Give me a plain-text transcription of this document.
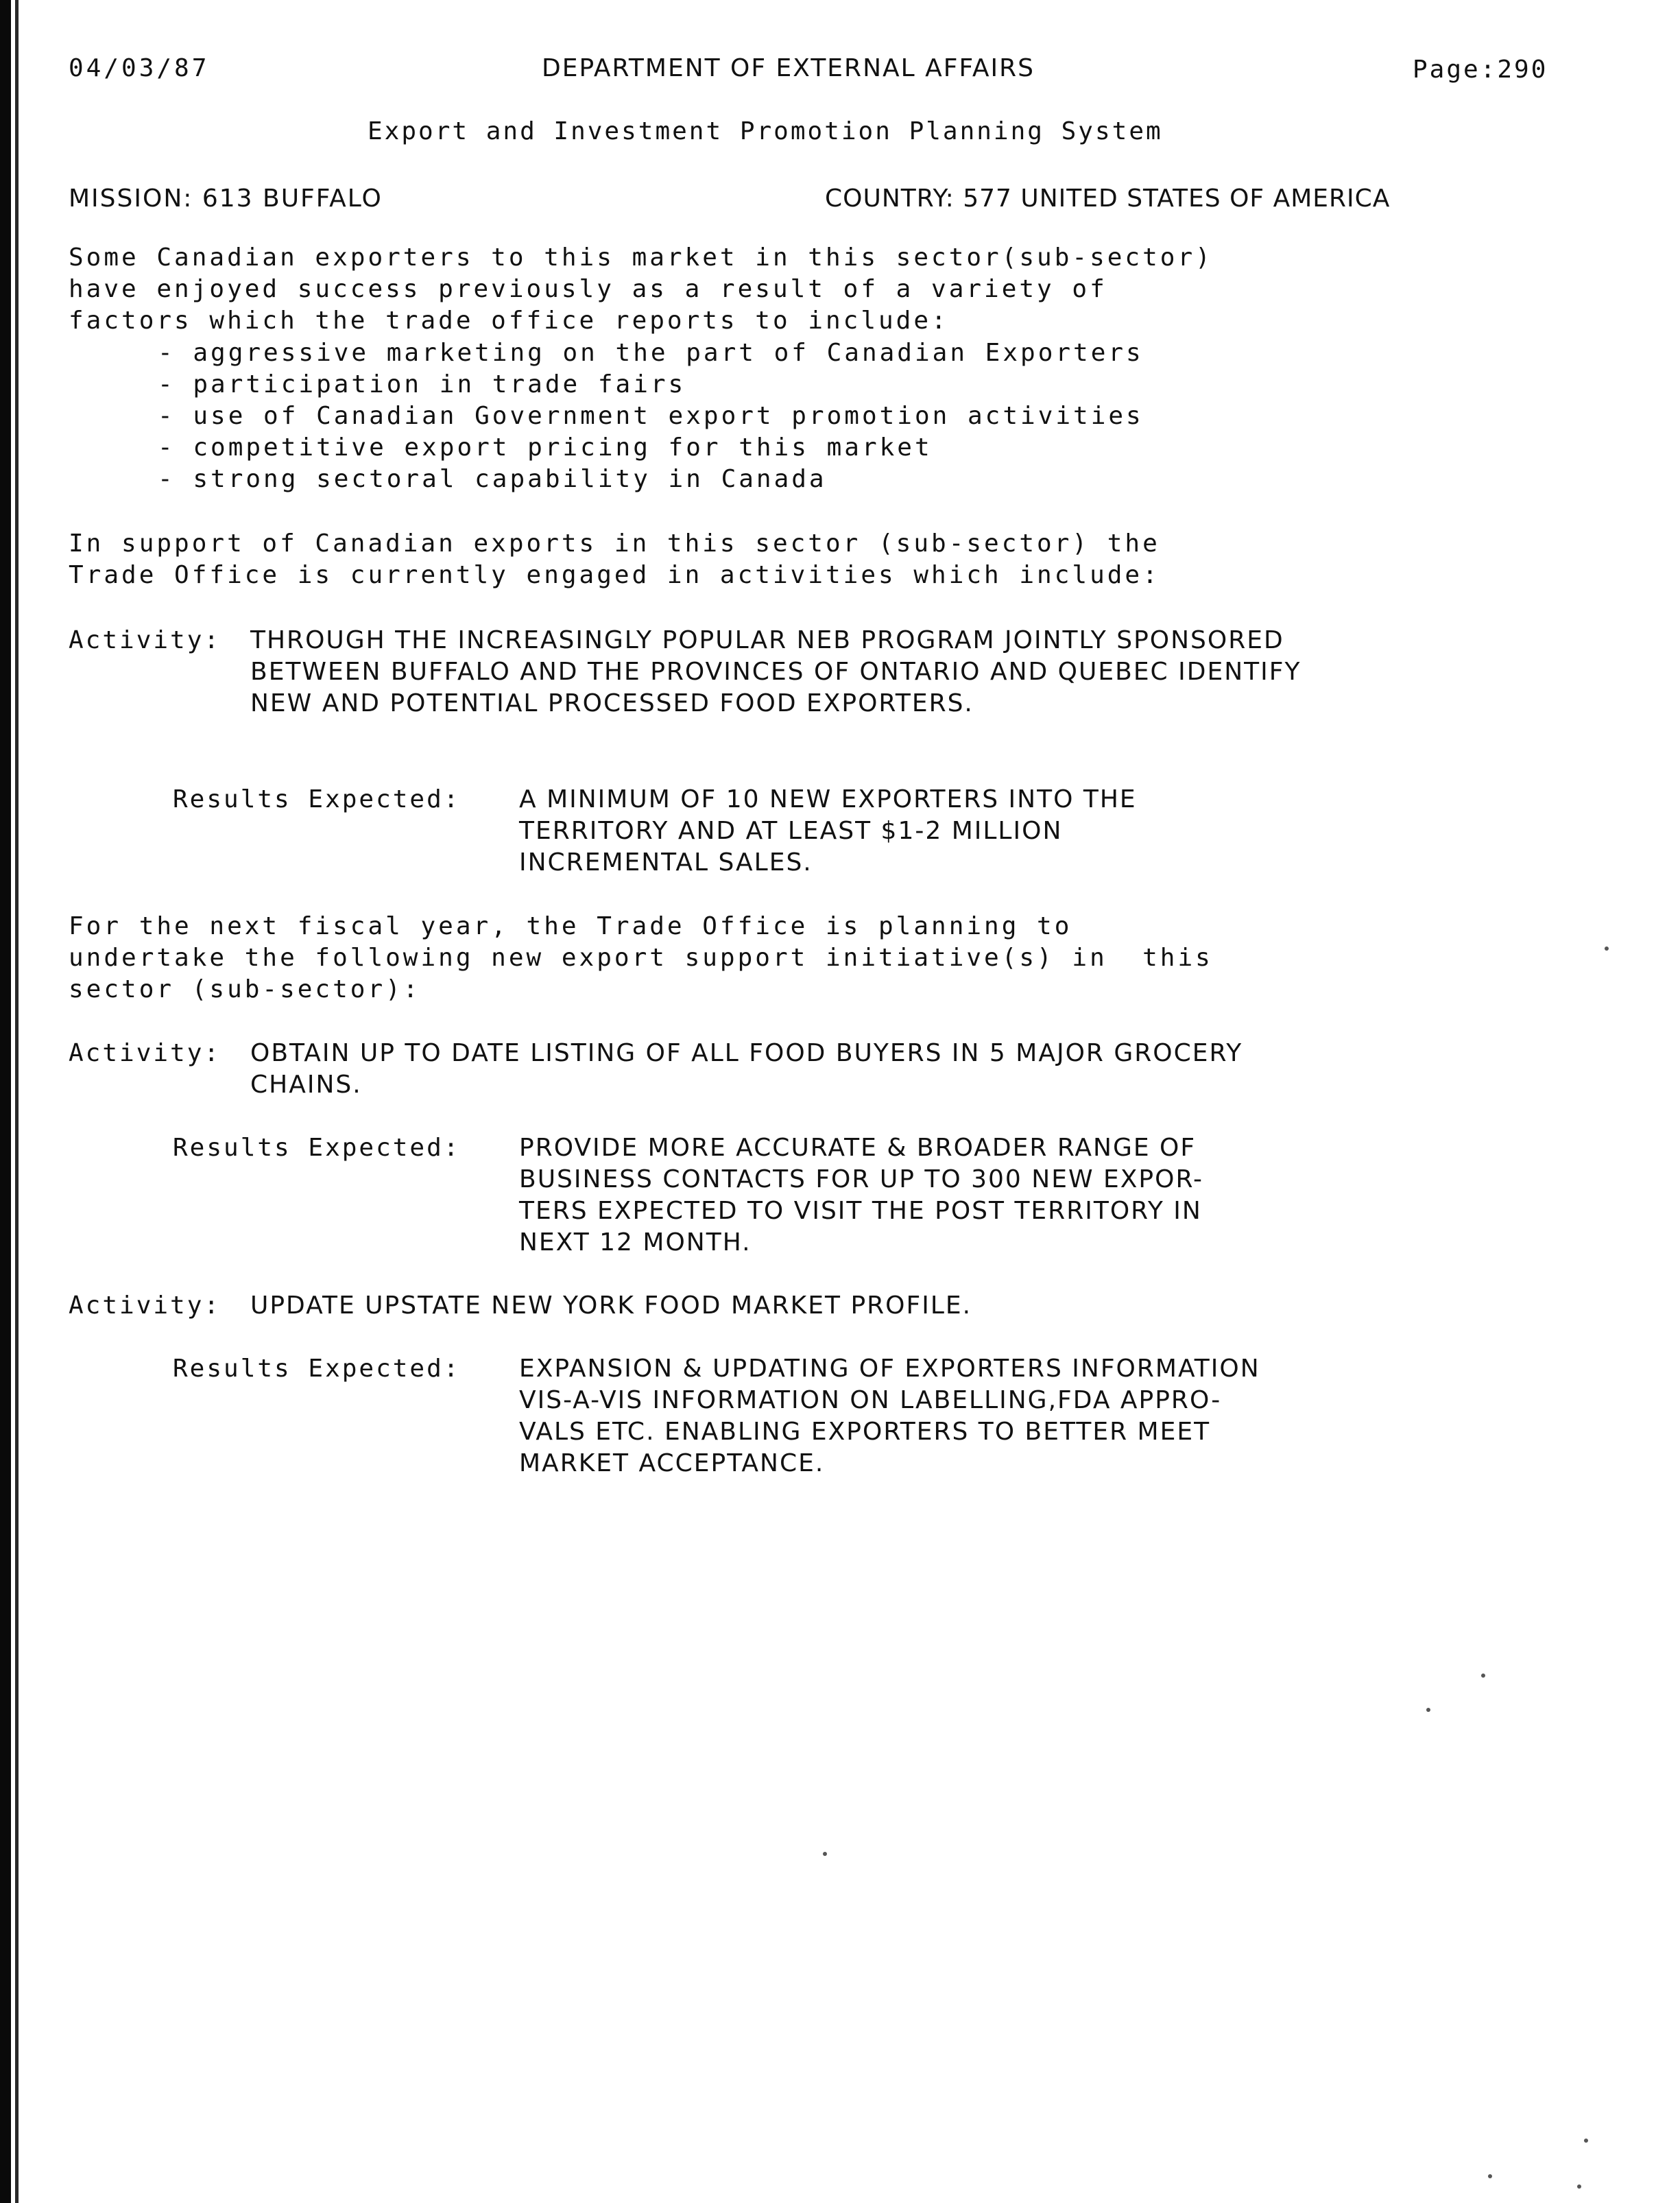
04/03/87	DEPARTMENT OF EXTERNAL AFFAIRS	Page:290
Export and Investment Promotion Planning System
MISSION: 613 BUFFALO	COUNTRY: 577 UNITED STATES OF AMERICA
Some Canadian exporters to this market in this sector(sub-sector)
have enjoyed success previously as a result of a variety of
factors which the trade office reports to include:
- aggressive marketing on the part of Canadian Exporters
- participation in trade fairs
- use of Canadian Government export promotion activities
- competitive export pricing for this market
- strong sectoral capability in Canada
In support of Canadian exports in this sector (sub-sector) the
Trade Office is currently engaged in activities which include:
Activity: THROUGH THE INCREASINGLY POPULAR NEB PROGRAM JOINTLY SPONSORED
BETWEEN BUFFALO AND THE PROVINCES OF ONTARIO AND QUEBEC IDENTIFY
NEW AND POTENTIAL PROCESSED FOOD EXPORTERS.
Results Expected: A MINIMUM OF 10 NEW EXPORTERS INTO THE
TERRITORY AND AT LEAST $1-2 MILLION
INCREMENTAL SALES.
For the next fiscal year, the Trade Office is planning to
undertake the following new export support initiative(s) in  this
sector (sub-sector):
Activity: OBTAIN UP TO DATE LISTING OF ALL FOOD BUYERS IN 5 MAJOR GROCERY
CHAINS.
Results Expected: PROVIDE MORE ACCURATE & BROADER RANGE OF
BUSINESS CONTACTS FOR UP TO 300 NEW EXPOR-
TERS EXPECTED TO VISIT THE POST TERRITORY IN
NEXT 12 MONTH.
Activity: UPDATE UPSTATE NEW YORK FOOD MARKET PROFILE.
Results Expected: EXPANSION & UPDATING OF EXPORTERS INFORMATION
VIS-A-VIS INFORMATION ON LABELLING,FDA APPRO-
VALS ETC. ENABLING EXPORTERS TO BETTER MEET
MARKET ACCEPTANCE.
